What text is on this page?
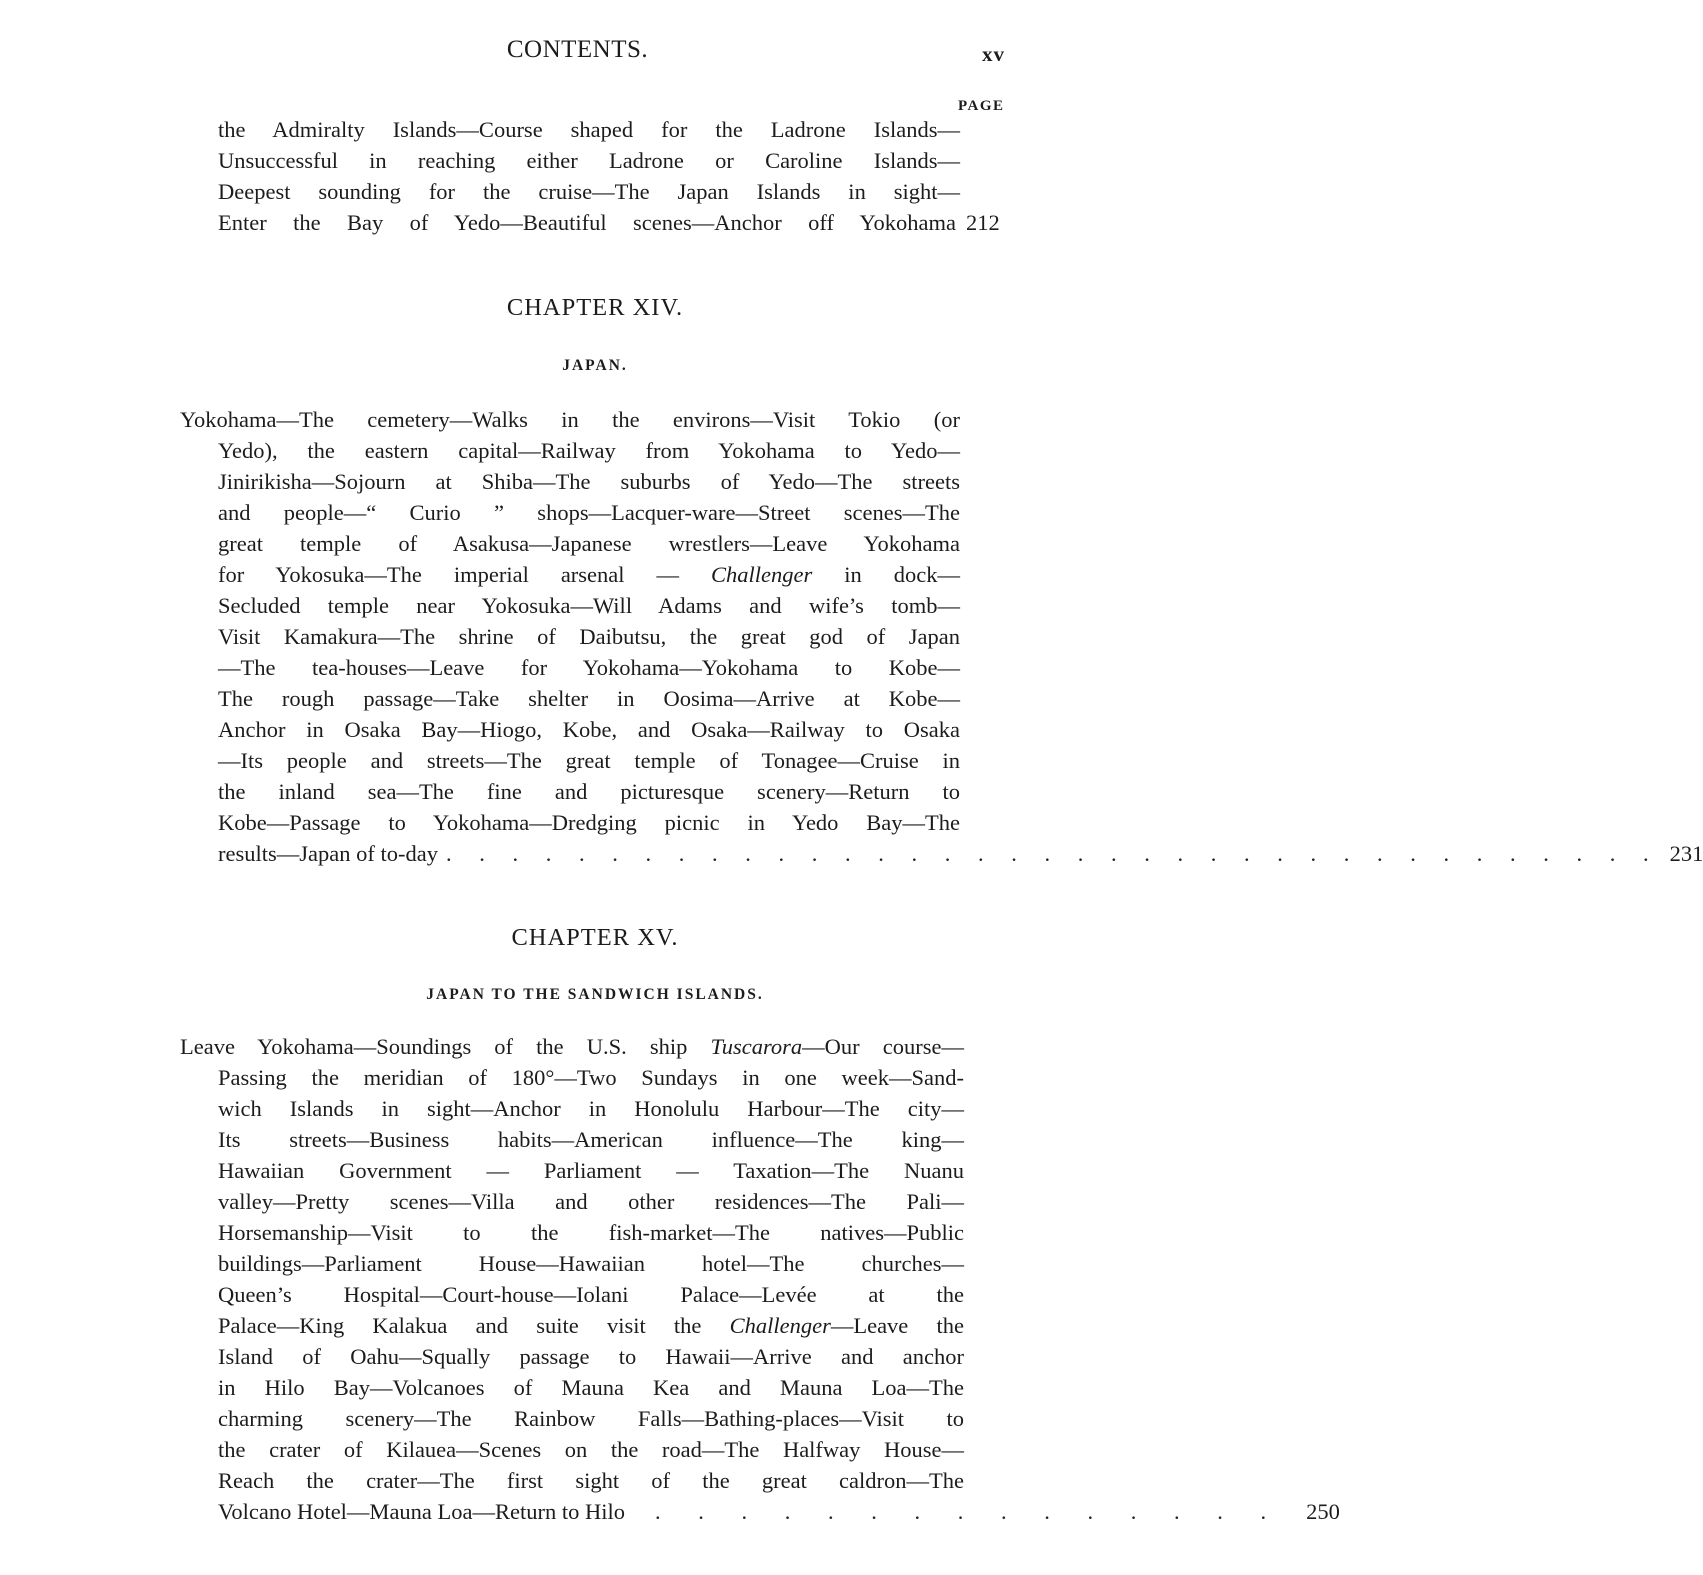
CONTENTS.	xv
PAGE
the Admiralty Islands—Course shaped for the Ladrone Islands—
Unsuccessful in reaching either Ladrone or Caroline Islands—
Deepest sounding for the cruise—The Japan Islands in sight—
Enter the Bay of Yedo—Beautiful scenes—Anchor off Yokohama 212
CHAPTER XIV.
JAPAN.
Yokohama—The cemetery—Walks in the environs—Visit Tokio (or
Yedo), the eastern capital—Railway from Yokohama to Yedo—
Jinirikisha—Sojourn at Shiba—The suburbs of Yedo—The streets
and people—“ Curio ” shops—Lacquer-ware—Street scenes—The
great temple of Asakusa—Japanese wrestlers—Leave Yokohama
for Yokosuka—The imperial arsenal — Challenger in dock—
Secluded temple near Yokosuka—Will Adams and wife’s tomb—
Visit Kamakura—The shrine of Daibutsu, the great god of Japan
—The tea-houses—Leave for Yokohama—Yokohama to Kobe—
The rough passage—Take shelter in Oosima—Arrive at Kobe—
Anchor in Osaka Bay—Hiogo, Kobe, and Osaka—Railway to Osaka
—Its people and streets—The great temple of Tonagee—Cruise in
the inland sea—The fine and picturesque scenery—Return to
Kobe—Passage to Yokohama—Dredging picnic in Yedo Bay—The
results—Japan of to-day . . . . . . . . . . . . . . . . . . . . . . . . . . . . . . . . . . . . . 231
CHAPTER XV.
JAPAN TO THE SANDWICH ISLANDS.
Leave Yokohama—Soundings of the U.S. ship Tuscarora—Our course—
Passing the meridian of 180°—Two Sundays in one week—Sand-
wich Islands in sight—Anchor in Honolulu Harbour—The city—
Its streets—Business habits—American influence—The king—
Hawaiian Government — Parliament — Taxation—The Nuanu
valley—Pretty scenes—Villa and other residences—The Pali—
Horsemanship—Visit to the fish-market—The natives—Public
buildings—Parliament House—Hawaiian hotel—The churches—
Queen’s Hospital—Court-house—Iolani Palace—Levée at the
Palace—King Kalakua and suite visit the Challenger—Leave the
Island of Oahu—Squally passage to Hawaii—Arrive and anchor
in Hilo Bay—Volcanoes of Mauna Kea and Mauna Loa—The
charming scenery—The Rainbow Falls—Bathing-places—Visit to
the crater of Kilauea—Scenes on the road—The Halfway House—
Reach the crater—The first sight of the great caldron—The
Volcano Hotel—Mauna Loa—Return to Hilo	. . . . . . . . . . . . . . .	250
